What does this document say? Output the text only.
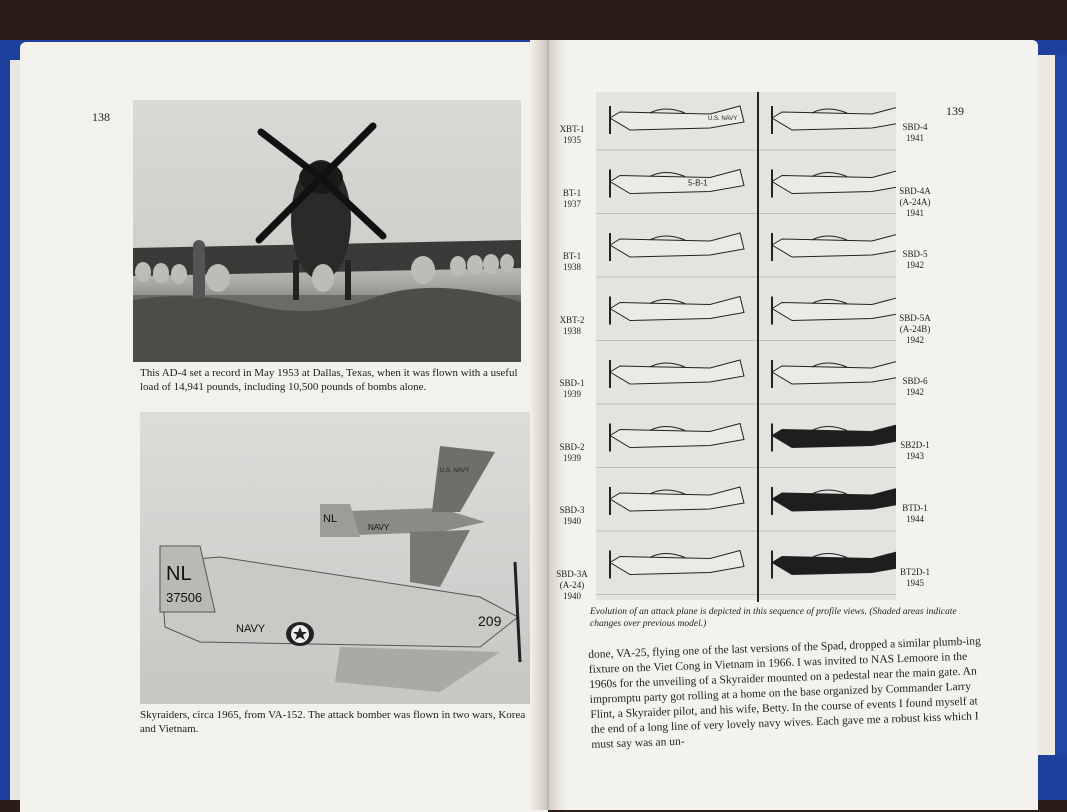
138	139
This AD-4 set a record in May 1953 at Dallas, Texas, when it was flown with a useful load of 14,941 pounds, including 10,500 pounds of bombs alone.
NL
37506
209
NAVY
NL
NAVY
U.S. NAVY
Skyraiders, circa 1965, from VA-152. The attack bomber was flown in two wars, Korea and Vietnam.
U.S. NAVY
5-B-1
XBT-1
1935
BT-1
1937
BT-1
1938
XBT-2
1938
SBD-1
1939
SBD-2
1939
SBD-3
1940
SBD-3A
(A-24)
1940
SBD-4
1941
SBD-4A
(A-24A)
1941
SBD-5
1942
SBD-5A
(A-24B)
1942
SBD-6
1942
SB2D-1
1943
BTD-1
1944
BT2D-1
1945
Evolution of an attack plane is depicted in this sequence of profile views. (Shaded areas indicate changes over previous model.)

done, VA-25, flying one of the last versions of the Spad, dropped a similar plumb-ing fixture on the Viet Cong in Vietnam in 1966. I was invited to NAS Lemoore in the 1960s for the unveiling of a Skyraider mounted on a pedestal near the main gate. An impromptu party got rolling at a home on the base organized by Commander Larry Flint, a Skyraider pilot, and his wife, Betty. In the course of events I found myself at the end of a long line of very lovely navy wives. Each gave me a robust kiss which I must say was an un-
